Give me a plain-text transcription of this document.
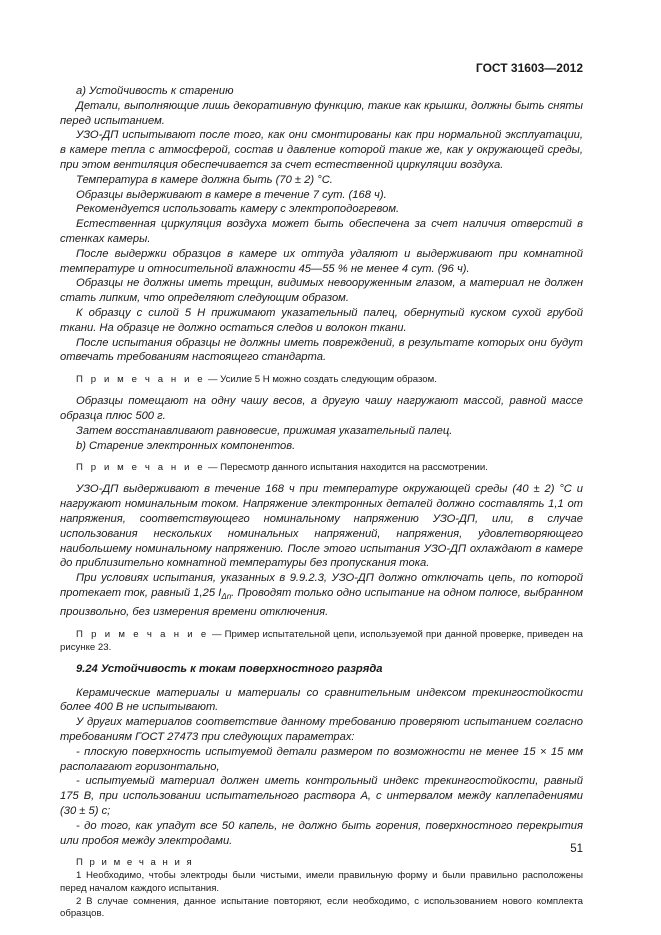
ГОСТ 31603—2012

а) Устойчивость к старению

Детали, выполняющие лишь декоративную функцию, такие как крышки, должны быть сняты перед испытанием.

УЗО-ДП испытывают после того, как они смонтированы как при нормальной эксплуатации, в камере тепла с атмосферой, состав и давление которой такие же, как у окружающей среды, при этом вентиляция обеспечивается за счет естественной циркуляции воздуха.

Температура в камере должна быть (70 ± 2) °С.

Образцы выдерживают в камере в течение 7 сут. (168 ч).

Рекомендуется использовать камеру с электроподогревом.

Естественная циркуляция воздуха может быть обеспечена за счет наличия отверстий в стенках камеры.

После выдержки образцов в камере их оттуда удаляют и выдерживают при комнатной температуре и относительной влажности 45—55 % не менее 4 сут. (96 ч).

Образцы не должны иметь трещин, видимых невооруженным глазом, а материал не должен стать липким, что определяют следующим образом.

К образцу с силой 5 Н прижимают указательный палец, обернутый куском сухой грубой ткани. На образце не должно остаться следов и волокон ткани.

После испытания образцы не должны иметь повреждений, в результате которых они будут отвечать требованиям настоящего стандарта.

П р и м е ч а н и е — Усилие 5 Н можно создать следующим образом.

Образцы помещают на одну чашу весов, а другую чашу нагружают массой, равной массе образца плюс 500 г.

Затем восстанавливают равновесие, прижимая указательный палец.

b) Старение электронных компонентов.

П р и м е ч а н и е — Пересмотр данного испытания находится на рассмотрении.

УЗО-ДП выдерживают в течение 168 ч при температуре окружающей среды (40 ± 2) °С и нагружают номинальным током. Напряжение электронных деталей должно составлять 1,1 от напряжения, соответствующего номинальному напряжению УЗО-ДП, или, в случае использования нескольких номинальных напряжений, напряжения, удовлетворяющего наибольшему номинальному напряжению. После этого испытания УЗО-ДП охлаждают в камере до приблизительно комнатной температуры без пропускания тока.

При условиях испытания, указанных в 9.9.2.3, УЗО-ДП должно отключать цепь, по которой протекает ток, равный 1,25 $I_{\Delta n}$. Проводят только одно испытание на одном полюсе, выбранном произвольно, без измерения времени отключения.

П р и м е ч а н и е — Пример испытательной цепи, используемой при данной проверке, приведен на рисунке 23.

9.24 Устойчивость к токам поверхностного разряда

Керамические материалы и материалы со сравнительным индексом трекингостойкости более 400 В не испытывают.

У других материалов соответствие данному требованию проверяют испытанием согласно требованиям ГОСТ 27473 при следующих параметрах:

- плоскую поверхность испытуемой детали размером по возможности не менее 15 × 15 мм располагают горизонтально,

- испытуемый материал должен иметь контрольный индекс трекингостойкости, равный 175 В, при использовании испытательного раствора А, с интервалом между каплепадениями (30 ± 5) с;

- до того, как упадут все 50 капель, не должно быть горения, поверхностного перекрытия или пробоя между электродами.

П р и м е ч а н и я

1 Необходимо, чтобы электроды были чистыми, имели правильную форму и были правильно расположены перед началом каждого испытания.

2 В случае сомнения, данное испытание повторяют, если необходимо, с использованием нового комплекта образцов.

51
